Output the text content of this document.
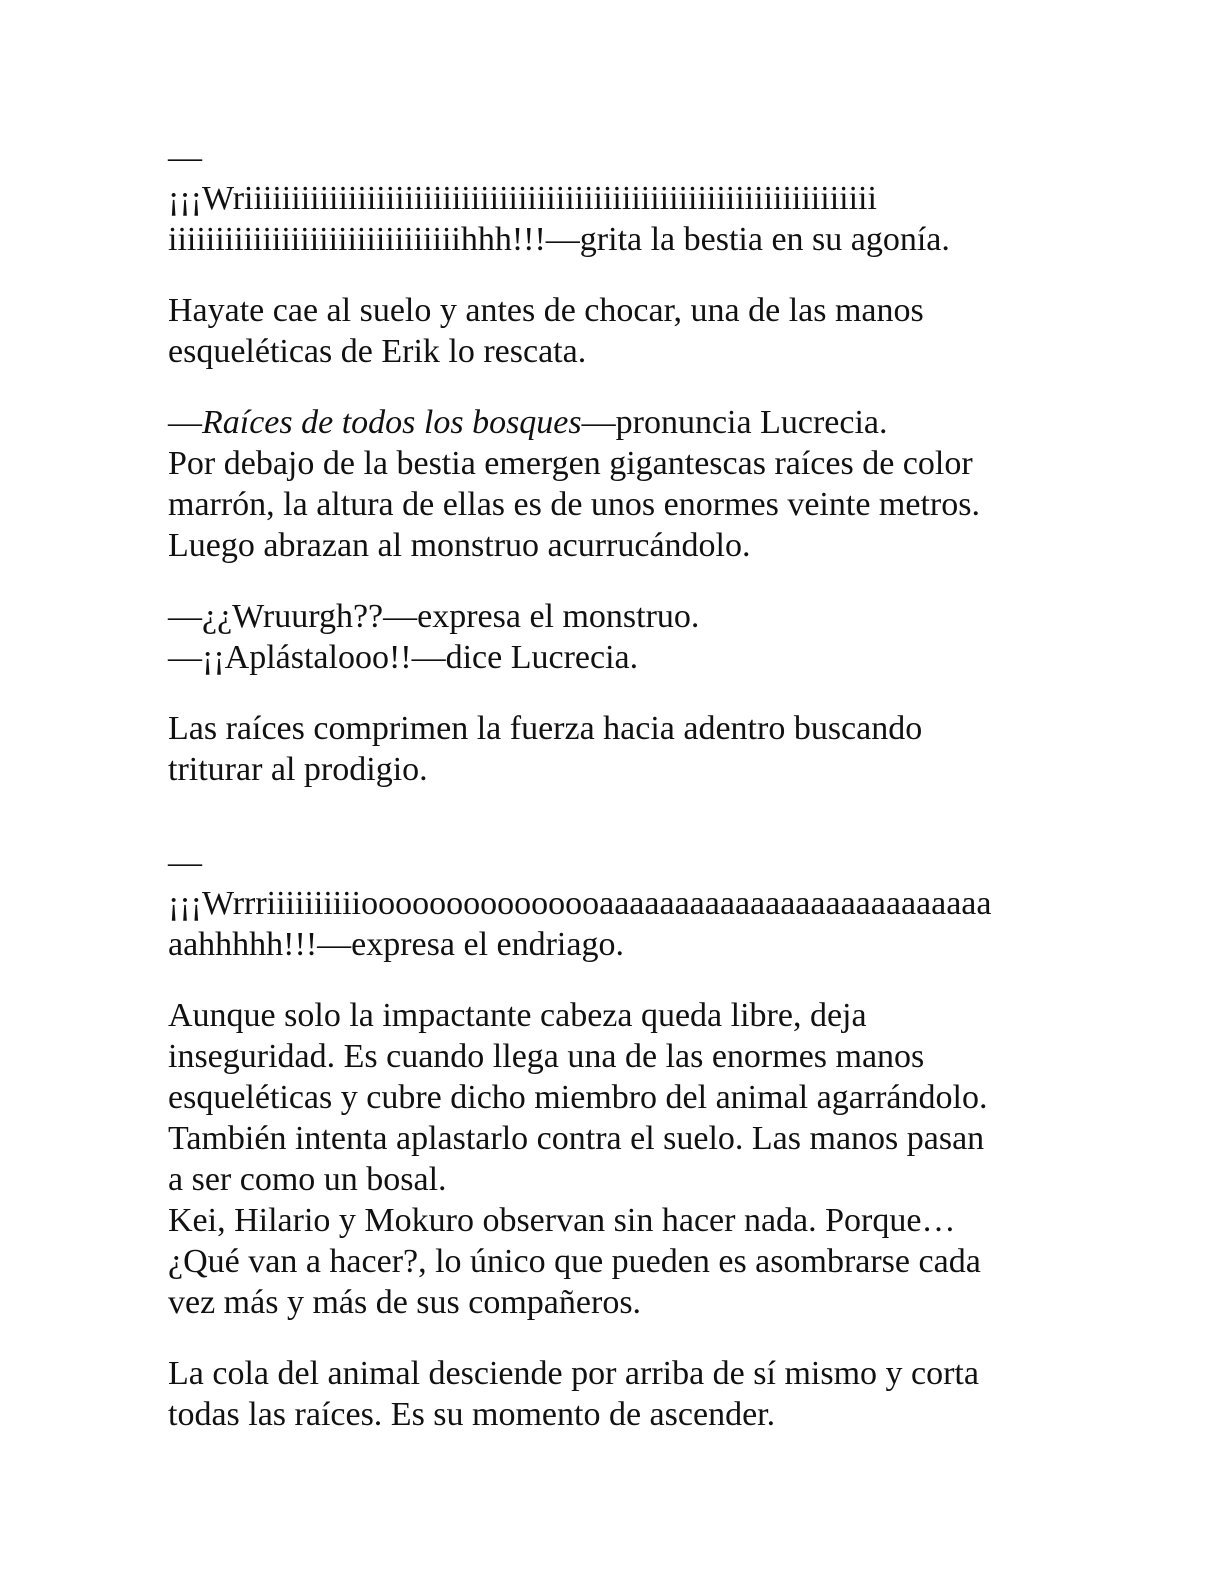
—
¡¡¡Wriiiiiiiiiiiiiiiiiiiiiiiiiiiiiiiiiiiiiiiiiiiiiiiiiiiiiiiiiiiiiiiiiii
iiiiiiiiiiiiiiiiiiiiiiiiiiiiiiihhh!!!—grita la bestia en su agonía.
Hayate cae al suelo y antes de chocar, una de las manos
esqueléticas de Erik lo rescata.
—Raíces de todos los bosques—pronuncia Lucrecia.
Por debajo de la bestia emergen gigantescas raíces de color
marrón, la altura de ellas es de unos enormes veinte metros.
Luego abrazan al monstruo acurrucándolo.
—¿¿Wruurgh??—expresa el monstruo.
—¡¡Aplástalooo!!—dice Lucrecia.
Las raíces comprimen la fuerza hacia adentro buscando
triturar al prodigio.
—
¡¡¡Wrrriiiiiiiiiiooooooooooooooaaaaaaaaaaaaaaaaaaaaaaaaaa
aahhhhh!!!—expresa el endriago.
Aunque solo la impactante cabeza queda libre, deja
inseguridad. Es cuando llega una de las enormes manos
esqueléticas y cubre dicho miembro del animal agarrándolo.
También intenta aplastarlo contra el suelo. Las manos pasan
a ser como un bosal.
Kei, Hilario y Mokuro observan sin hacer nada. Porque…
¿Qué van a hacer?, lo único que pueden es asombrarse cada
vez más y más de sus compañeros.
La cola del animal desciende por arriba de sí mismo y corta
todas las raíces. Es su momento de ascender.
